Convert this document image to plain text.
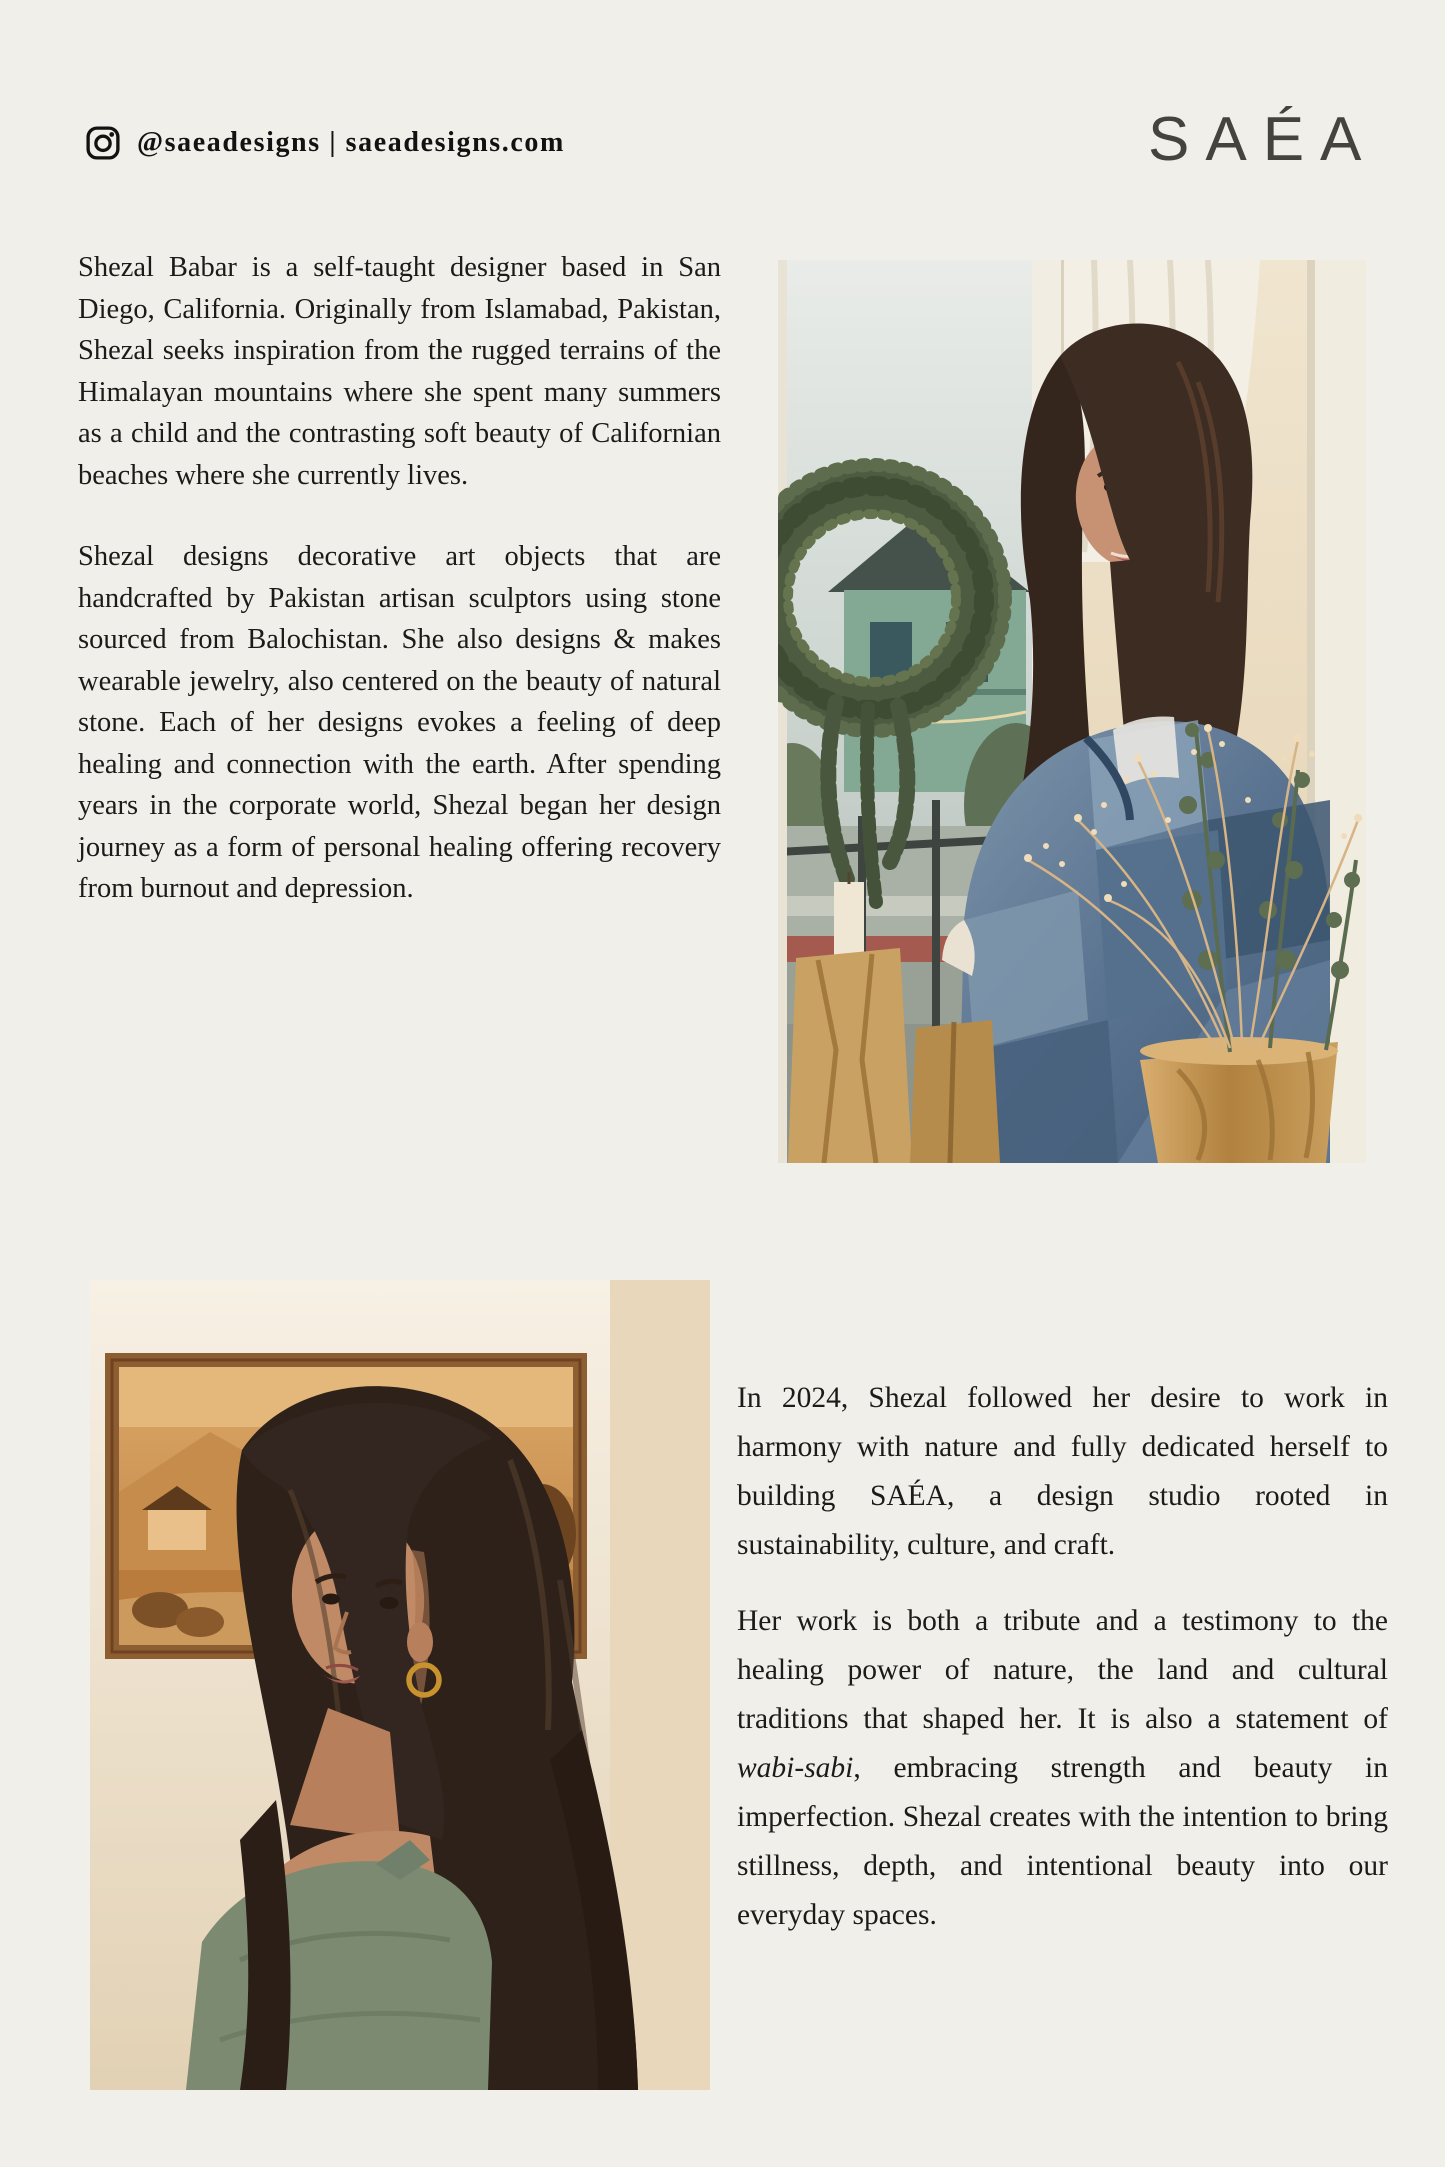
@saeadesigns | saeadesigns.com	SAÉA

Shezal Babar is a self-taught designer based in San Diego, California. Originally from Islamabad, Pakistan, Shezal seeks inspiration from the rugged terrains of the Himalayan mountains where she spent many summers as a child and the contrasting soft beauty of Californian beaches where she currently lives.

Shezal designs decorative art objects that are handcrafted by Pakistan artisan sculptors using stone sourced from Balochistan. She also designs & makes wearable jewelry, also centered on the beauty of natural stone. Each of her designs evokes a feeling of deep healing and connection with the earth. After spending years in the corporate world, Shezal began her design journey as a form of personal healing offering recovery from burnout and depression.

In 2024, Shezal followed her desire to work in harmony with nature and fully dedicated herself to building SAÉA, a design studio rooted in sustainability, culture, and craft.

Her work is both a tribute and a testimony to the healing power of nature, the land and cultural traditions that shaped her. It is also a statement of wabi-sabi, embracing strength and beauty in imperfection. Shezal creates with the intention to bring stillness, depth, and intentional beauty into our everyday spaces.
